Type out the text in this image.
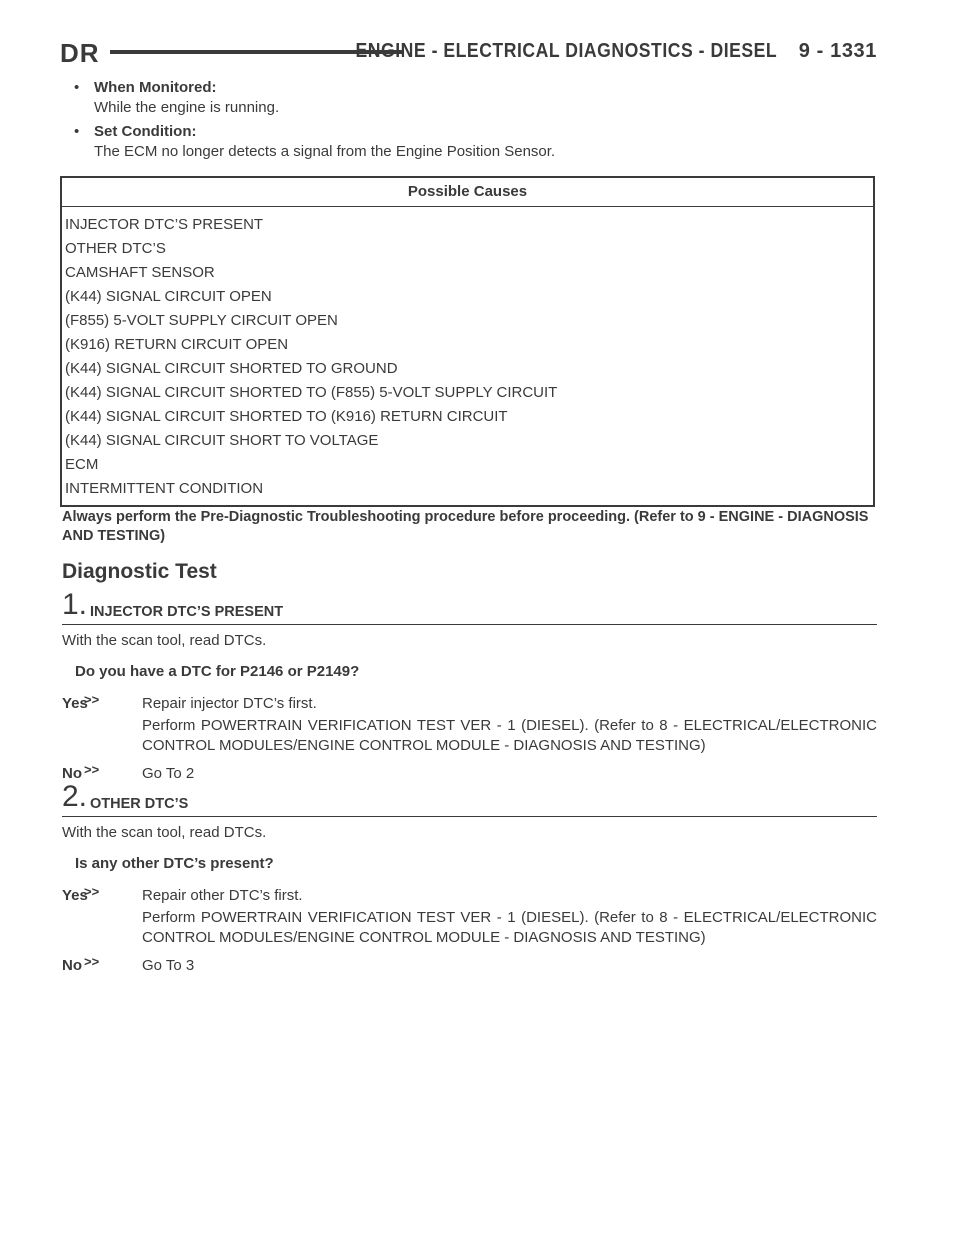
DR	ENGINE - ELECTRICAL DIAGNOSTICS - DIESEL 9 - 1331
• When Monitored:
While the engine is running.
• Set Condition:
The ECM no longer detects a signal from the Engine Position Sensor.
Possible Causes
INJECTOR DTC’S PRESENT
OTHER DTC’S
CAMSHAFT SENSOR
(K44) SIGNAL CIRCUIT OPEN
(F855) 5-VOLT SUPPLY CIRCUIT OPEN
(K916) RETURN CIRCUIT OPEN
(K44) SIGNAL CIRCUIT SHORTED TO GROUND
(K44) SIGNAL CIRCUIT SHORTED TO (F855) 5-VOLT SUPPLY CIRCUIT
(K44) SIGNAL CIRCUIT SHORTED TO (K916) RETURN CIRCUIT
(K44) SIGNAL CIRCUIT SHORT TO VOLTAGE
ECM
INTERMITTENT CONDITION
Always perform the Pre-Diagnostic Troubleshooting procedure before proceeding. (Refer to 9 - ENGINE - DIAGNOSIS AND TESTING)
Diagnostic Test
1. INJECTOR DTC’S PRESENT
With the scan tool, read DTCs.
Do you have a DTC for P2146 or P2149?
Yes
>>	Repair injector DTC’s first.
Perform POWERTRAIN VERIFICATION TEST VER - 1 (DIESEL). (Refer to 8 - ELECTRICAL/ELECTRONIC CONTROL MODULES/ENGINE CONTROL MODULE - DIAGNOSIS AND TESTING)
No >>	Go To 2
2. OTHER DTC’S
With the scan tool, read DTCs.
Is any other DTC’s present?
Yes
>>	Repair other DTC’s first.
Perform POWERTRAIN VERIFICATION TEST VER - 1 (DIESEL). (Refer to 8 - ELECTRICAL/ELECTRONIC CONTROL MODULES/ENGINE CONTROL MODULE - DIAGNOSIS AND TESTING)
No >>	Go To 3
